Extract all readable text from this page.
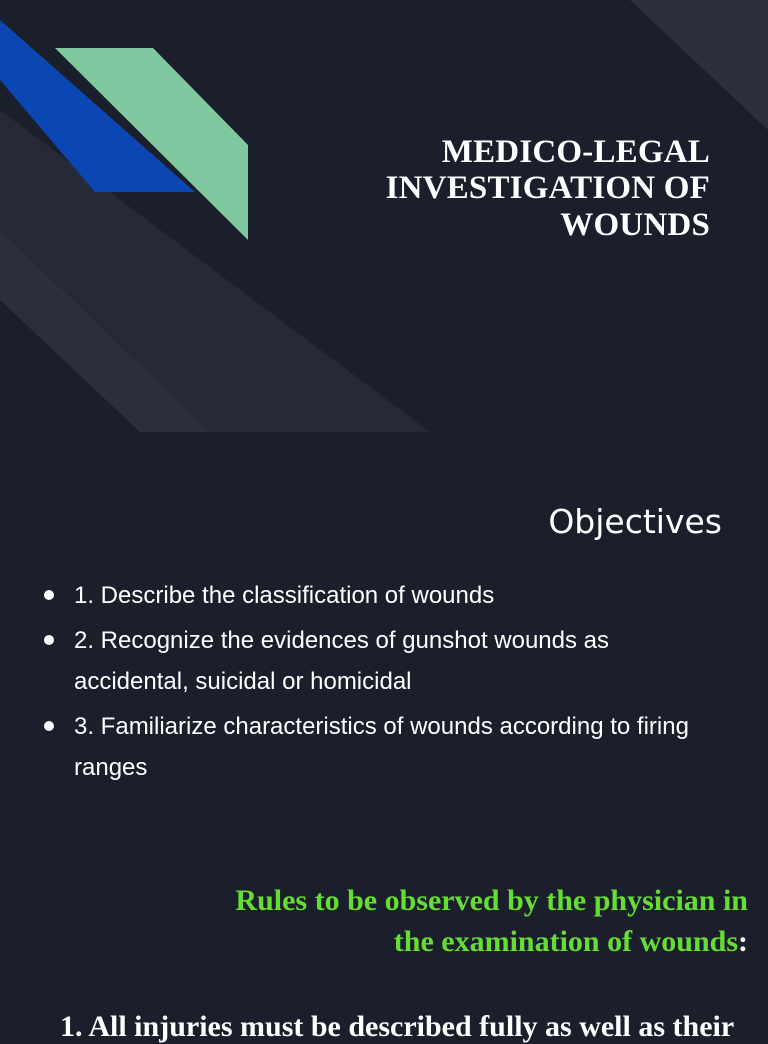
MEDICO-LEGAL
INVESTIGATION OF
WOUNDS
Objectives
1. Describe the classification of wounds
2. Recognize the evidences of gunshot wounds as accidental, suicidal or homicidal
3. Familiarize characteristics of wounds according to firing ranges
Rules to be observed by the physician in
the examination of wounds:
1. All injuries must be described fully as well as their
